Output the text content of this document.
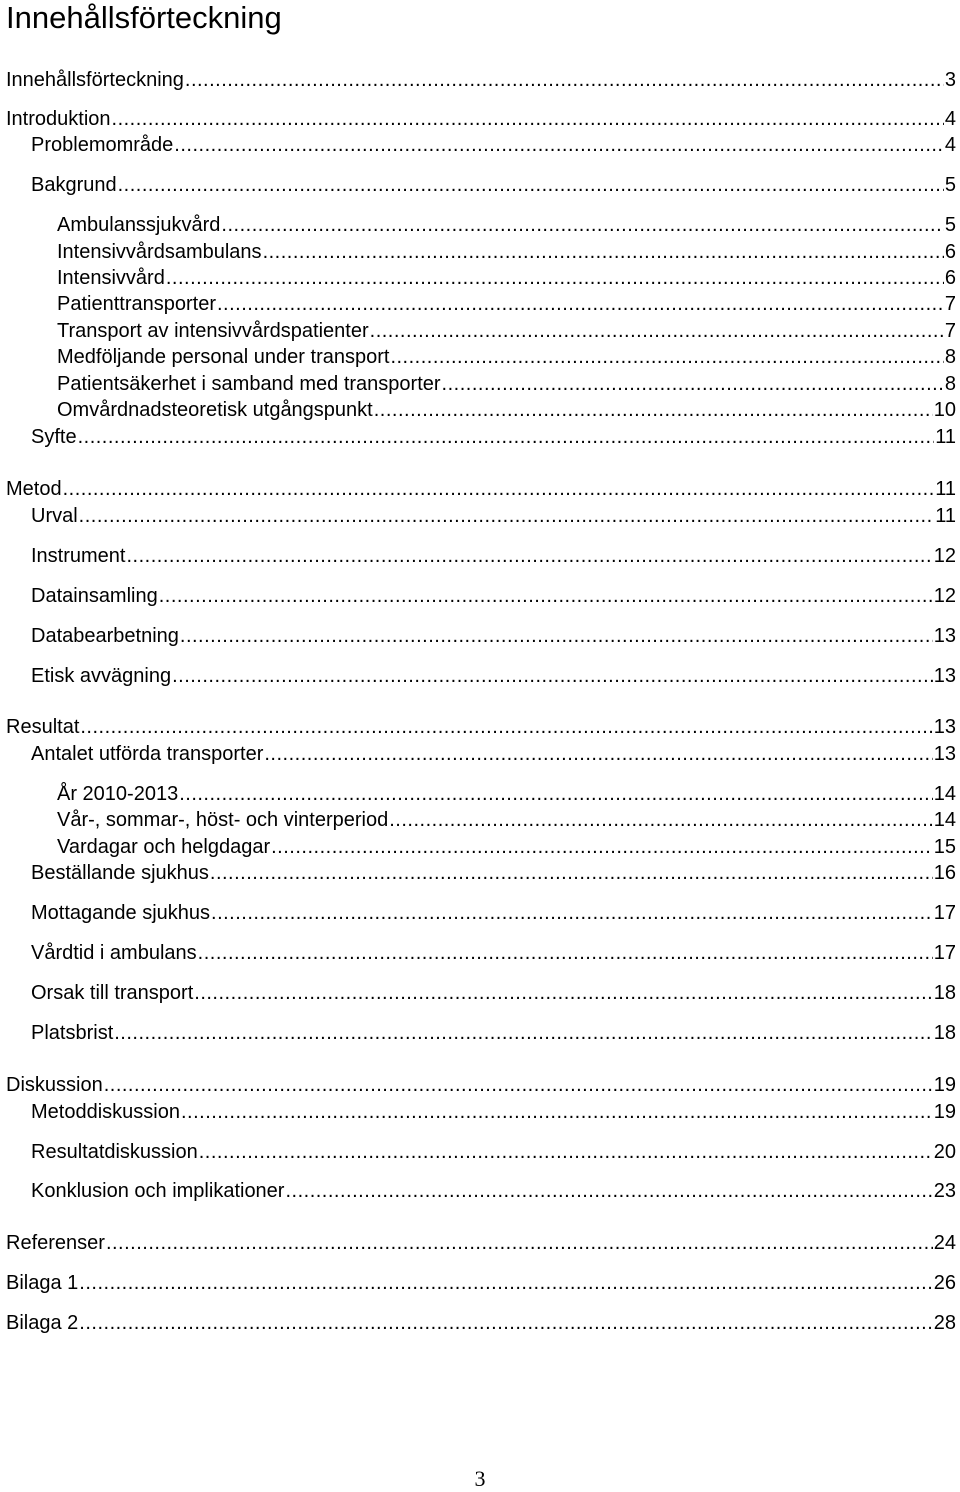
Innehållsförteckning
Innehållsförteckning .....	3
Introduktion .....	4
Problemområde .....	4
Bakgrund .....	5
Ambulanssjukvård .....	5
Intensivvårdsambulans .....	6
Intensivvård .....	6
Patienttransporter .....	7
Transport av intensivvårdspatienter .....	7
Medföljande personal under transport .....	8
Patientsäkerhet i samband med transporter .....	8
Omvårdnadsteoretisk utgångspunkt .....	10
Syfte .....	11
Metod .....	11
Urval .....	11
Instrument .....	12
Datainsamling .....	12
Databearbetning .....	13
Etisk avvägning .....	13
Resultat .....	13
Antalet utförda transporter .....	13
År 2010-2013 .....	14
Vår-, sommar-, höst- och vinterperiod .....	14
Vardagar och helgdagar .....	15
Beställande sjukhus .....	16
Mottagande sjukhus .....	17
Vårdtid i ambulans .....	17
Orsak till transport .....	18
Platsbrist .....	18
Diskussion .....	19
Metoddiskussion .....	19
Resultatdiskussion .....	20
Konklusion och implikationer .....	23
Referenser .....	24
Bilaga 1 .....	26
Bilaga 2 .....	28
3
